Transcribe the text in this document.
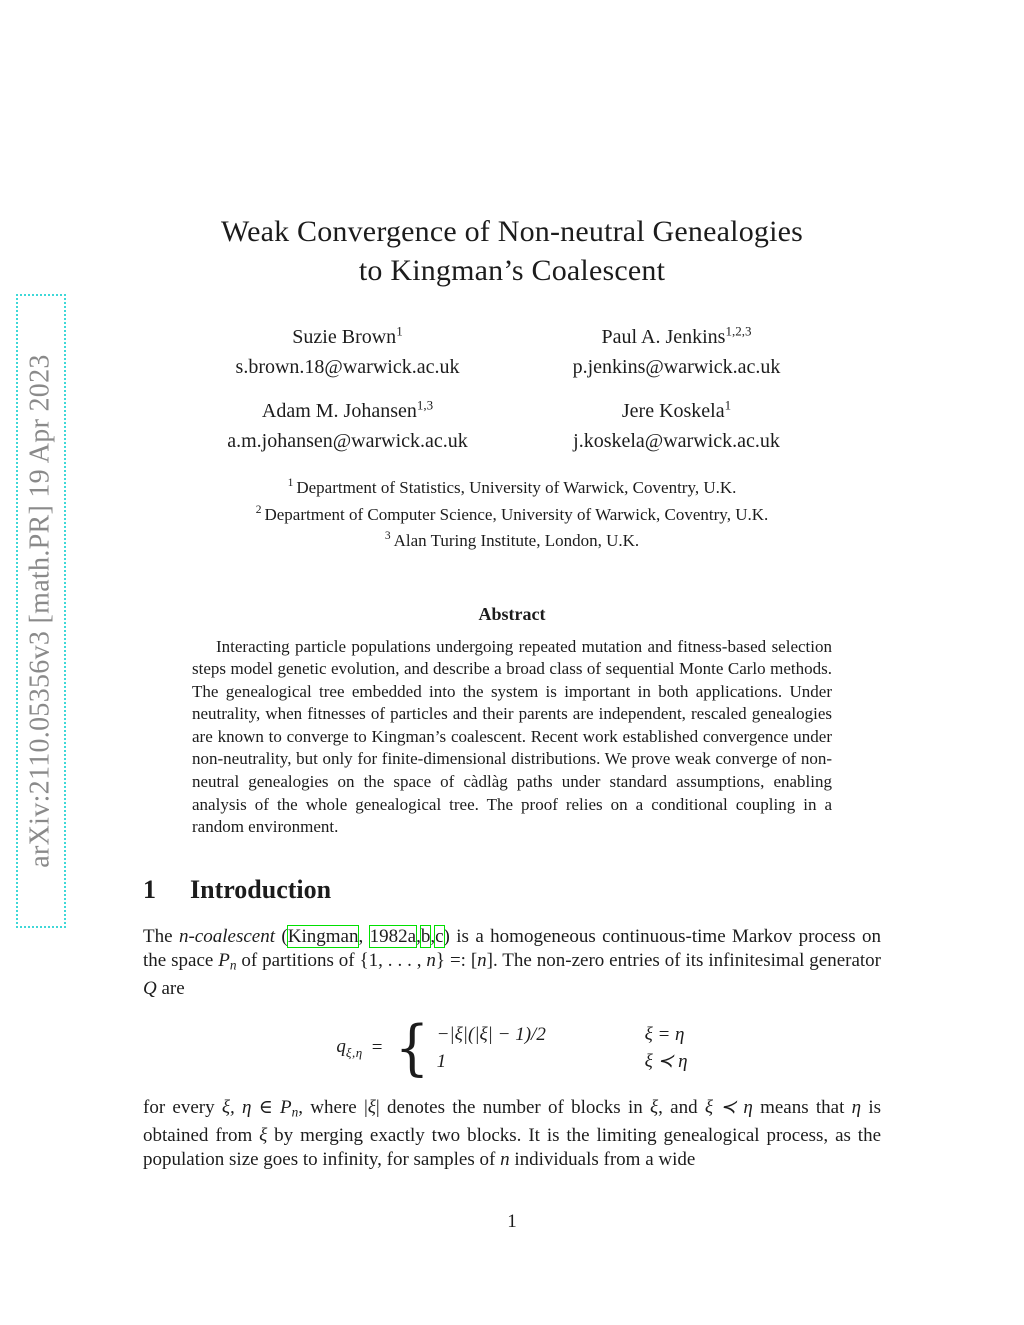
arXiv:2110.05356v3 [math.PR] 19 Apr 2023
Weak Convergence of Non-neutral Genealogies
to Kingman’s Coalescent
Suzie Brown$^1$
s.brown.18@warwick.ac.uk
Paul A. Jenkins$^{1,2,3}$
p.jenkins@warwick.ac.uk
Adam M. Johansen$^{1,3}$
a.m.johansen@warwick.ac.uk
Jere Koskela$^1$
j.koskela@warwick.ac.uk
$^1$ Department of Statistics, University of Warwick, Coventry, U.K.
$^2$ Department of Computer Science, University of Warwick, Coventry, U.K.
$^3$ Alan Turing Institute, London, U.K.
Abstract

Interacting particle populations undergoing repeated mutation and fitness-based selection steps model genetic evolution, and describe a broad class of sequential Monte Carlo methods. The genealogical tree embedded into the system is important in both applications. Under neutrality, when fitnesses of particles and their parents are independent, rescaled genealogies are known to converge to Kingman’s coalescent. Recent work established convergence under non-neutrality, but only for finite-dimensional distributions. We prove weak converge of non-neutral genealogies on the space of càdlàg paths under standard assumptions, enabling analysis of the whole genealogical tree. The proof relies on a conditional coupling in a random environment.

1 Introduction

The n-coalescent (Kingman, 1982a,b,c) is a homogeneous continuous-time Markov process on the space Pn of partitions of {1, . . . , n} =: [n]. The non-zero entries of its infinitesimal generator Q are

$q_{\xi,\eta}$ = { −|ξ|(|ξ| − 1)/2	ξ = η
1	ξ ≺ η

for every ξ, η ∈ Pn, where |ξ| denotes the number of blocks in ξ, and ξ ≺ η means that η is obtained from ξ by merging exactly two blocks. It is the limiting genealogical process, as the population size goes to infinity, for samples of n individuals from a wide

1
